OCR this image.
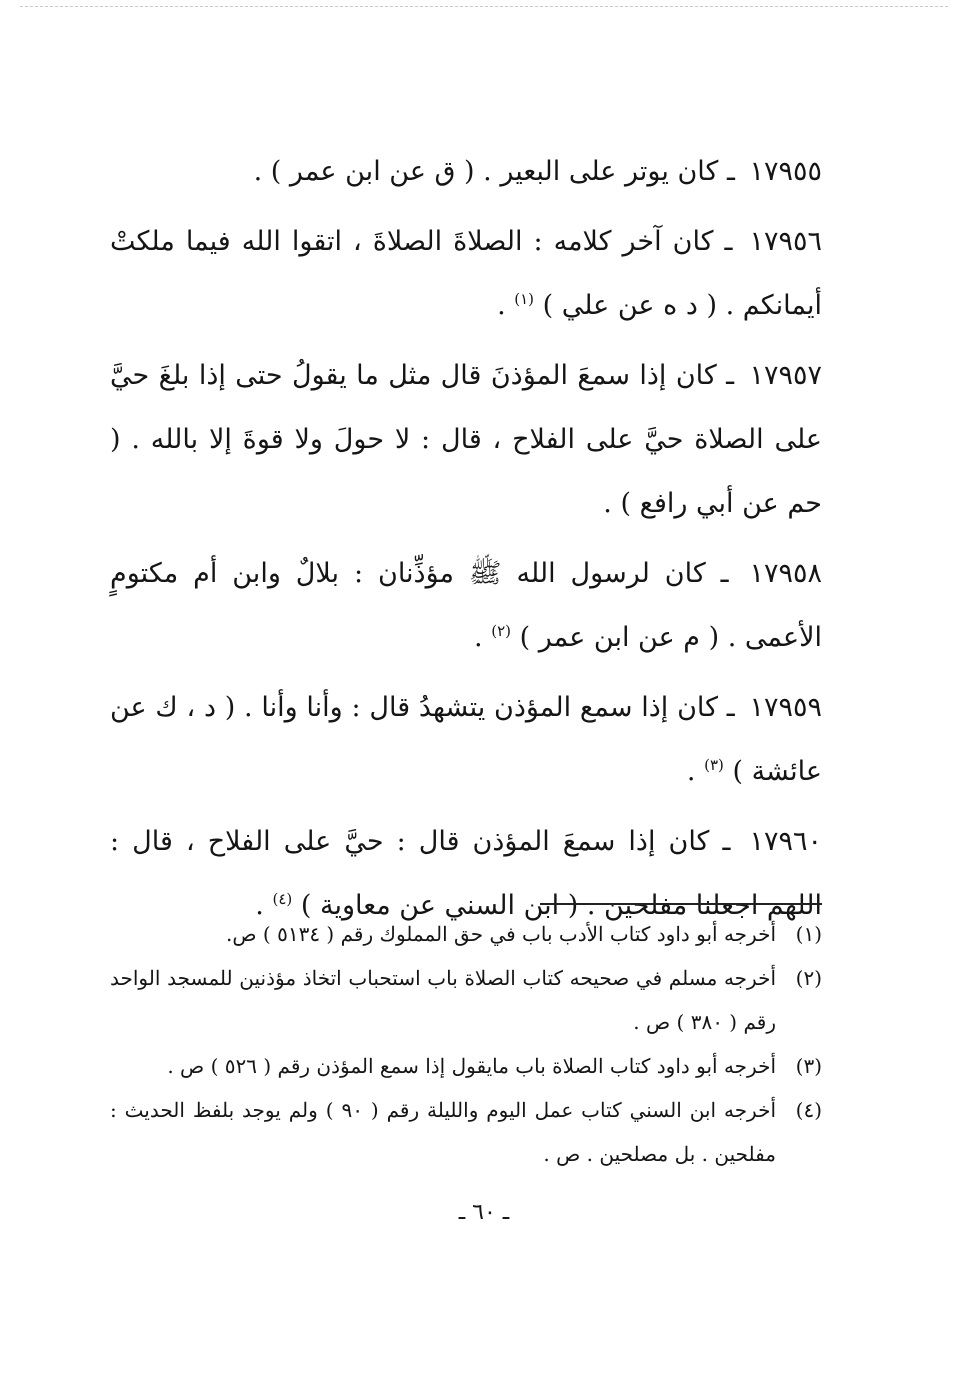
١٧٩٥٥ ـ كان يوتر على البعير . ( ق عن ابن عمر ) .

١٧٩٥٦ ـ كان آخر كلامه : الصلاةَ الصلاةَ ، اتقوا الله فيما ملكتْ أيمانكم . ( د ه عن علي ) $^{(١)}$ .

١٧٩٥٧ ـ كان إذا سمعَ المؤذنَ قال مثل ما يقولُ حتى إذا بلغَ حيَّ على الصلاة حيَّ على الفلاح ، قال : لا حولَ ولا قوةَ إلا بالله . ( حم عن أبي رافع ) .

١٧٩٥٨ ـ كان لرسول الله ﷺ مؤذِّنان : بلالٌ وابن أم مكتومٍ الأعمى . ( م عن ابن عمر ) $^{(٢)}$ .

١٧٩٥٩ ـ كان إذا سمع المؤذن يتشهدُ قال : وأنا وأنا . ( د ، ك عن عائشة ) $^{(٣)}$ .

١٧٩٦٠ ـ كان إذا سمعَ المؤذن قال : حيَّ على الفلاح ، قال : اللهم اجعلنا مفلحين . ( ابن السني عن معاوية ) $^{(٤)}$ .

(١)
أخرجه أبو داود كتاب الأدب باب في حق المملوك رقم ( ٥١٣٤ ) ص.
(٢)
أخرجه مسلم في صحيحه كتاب الصلاة باب استحباب اتخاذ مؤذنين للمسجد الواحد رقم ( ٣٨٠ ) ص .
(٣)
أخرجه أبو داود كتاب الصلاة باب مايقول إذا سمع المؤذن رقم ( ٥٢٦ ) ص .
(٤)
أخرجه ابن السني كتاب عمل اليوم والليلة رقم ( ٩٠ ) ولم يوجد بلفظ الحديث : مفلحين . بل مصلحين . ص .
ـ ٦٠ ـ
